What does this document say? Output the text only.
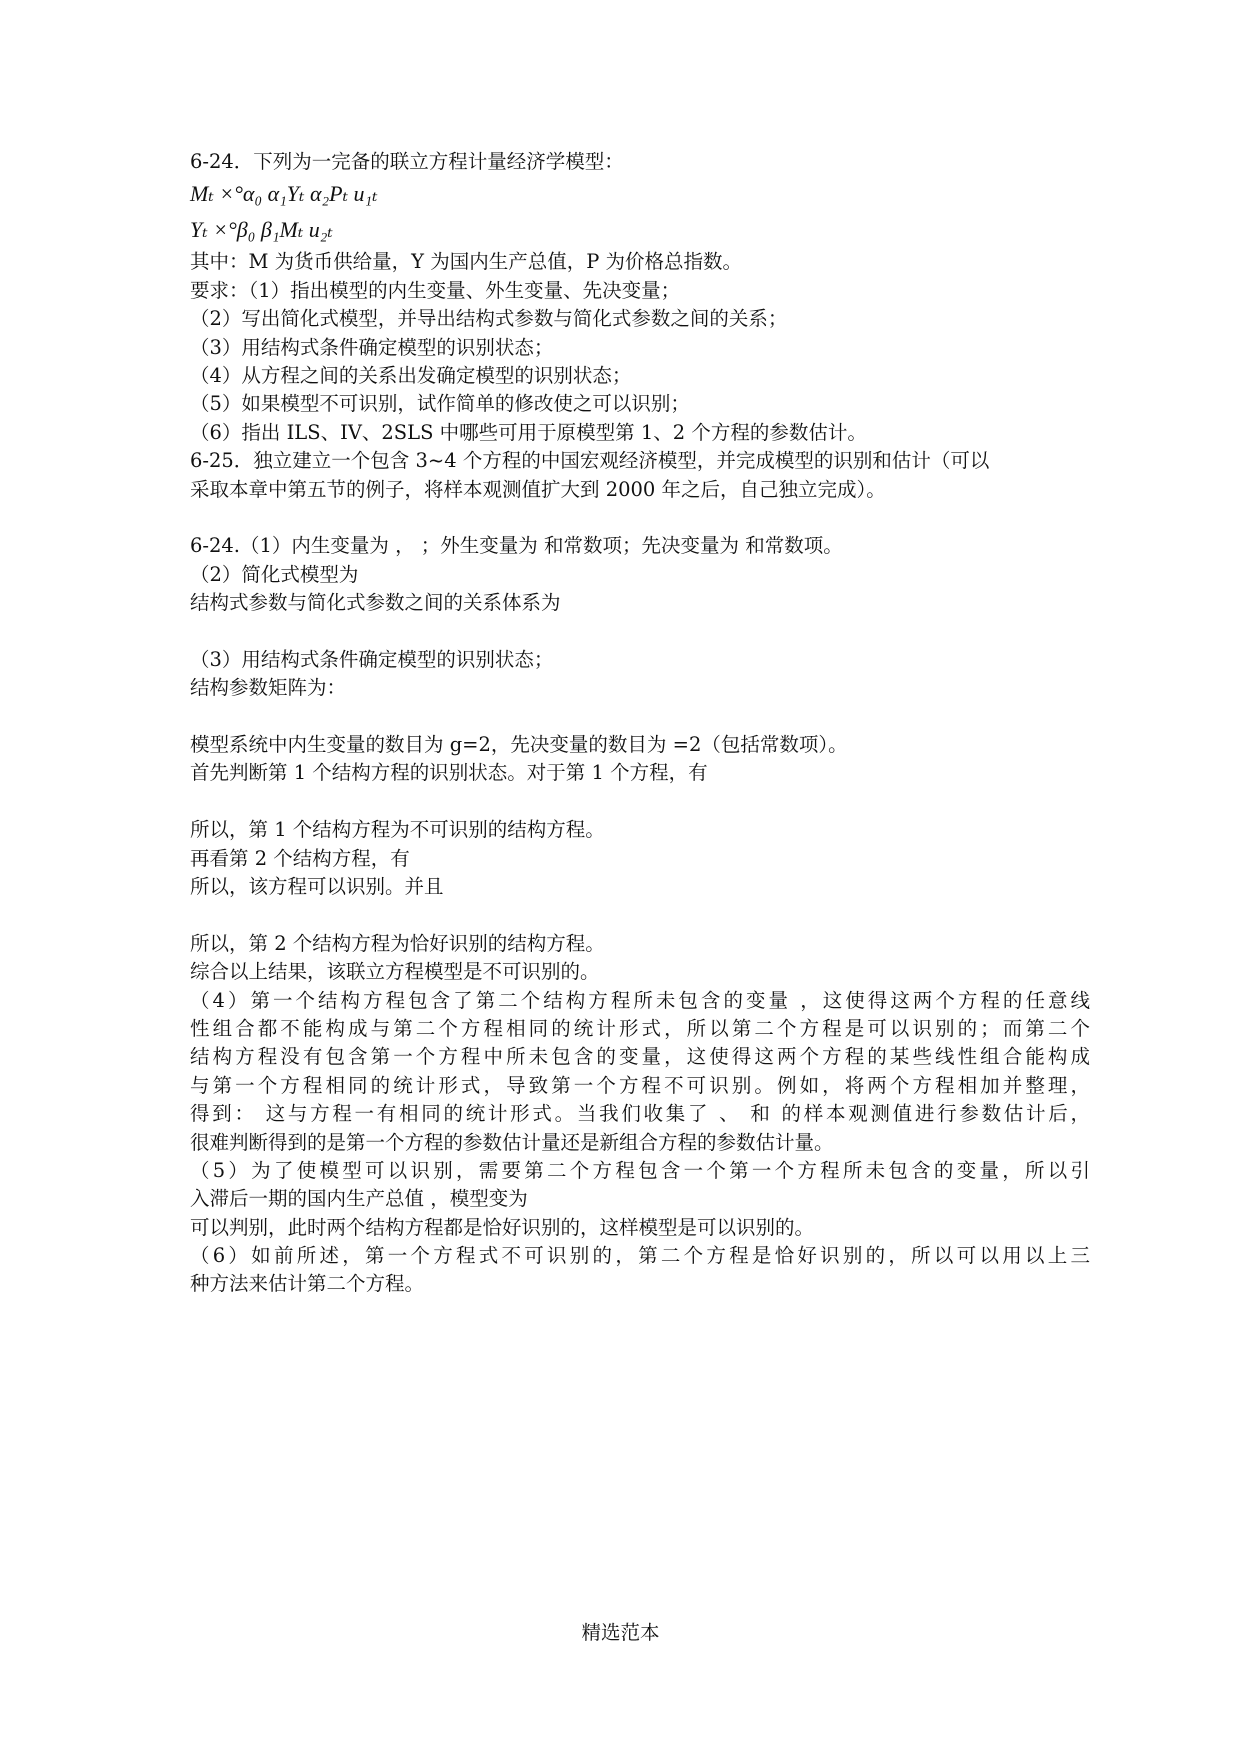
6-24．下列为一完备的联立方程计量经济学模型：
Mₜ ×°α₀ α₁Yₜ α₂Pₜ u₁ₜ
Yₜ ×°β₀ β₁Mₜ u₂ₜ
其中：M 为货币供给量，Y 为国内生产总值，P 为价格总指数。
要求：（1）指出模型的内生变量、外生变量、先决变量；
（2）写出简化式模型，并导出结构式参数与简化式参数之间的关系；
（3）用结构式条件确定模型的识别状态；
（4）从方程之间的关系出发确定模型的识别状态；
（5）如果模型不可识别，试作简单的修改使之可以识别；
（6）指出 ILS、IV、2SLS 中哪些可用于原模型第 1、2 个方程的参数估计。
6-25．独立建立一个包含 3~4 个方程的中国宏观经济模型，并完成模型的识别和估计（可以
采取本章中第五节的例子，将样本观测值扩大到 2000 年之后，自己独立完成）。
6-24.（1）内生变量为 ， ；外生变量为 和常数项；先决变量为 和常数项。
（2）简化式模型为
结构式参数与简化式参数之间的关系体系为
（3）用结构式条件确定模型的识别状态；
结构参数矩阵为：
模型系统中内生变量的数目为 g=2，先决变量的数目为 =2（包括常数项）。
首先判断第 1 个结构方程的识别状态。对于第 1 个方程，有
所以，第 1 个结构方程为不可识别的结构方程。
再看第 2 个结构方程，有
所以，该方程可以识别。并且
所以，第 2 个结构方程为恰好识别的结构方程。
综合以上结果，该联立方程模型是不可识别的。
（4）第一个结构方程包含了第二个结构方程所未包含的变量 ，这使得这两个方程的任意线
性组合都不能构成与第二个方程相同的统计形式，所以第二个方程是可以识别的；而第二个
结构方程没有包含第一个方程中所未包含的变量，这使得这两个方程的某些线性组合能构成
与第一个方程相同的统计形式，导致第一个方程不可识别。例如，将两个方程相加并整理，
得到： 这与方程一有相同的统计形式。当我们收集了 、 和 的样本观测值进行参数估计后，
很难判断得到的是第一个方程的参数估计量还是新组合方程的参数估计量。
（5）为了使模型可以识别，需要第二个方程包含一个第一个方程所未包含的变量，所以引
入滞后一期的国内生产总值 ，模型变为
可以判别，此时两个结构方程都是恰好识别的，这样模型是可以识别的。
（6）如前所述，第一个方程式不可识别的，第二个方程是恰好识别的，所以可以用以上三
种方法来估计第二个方程。
精选范本
